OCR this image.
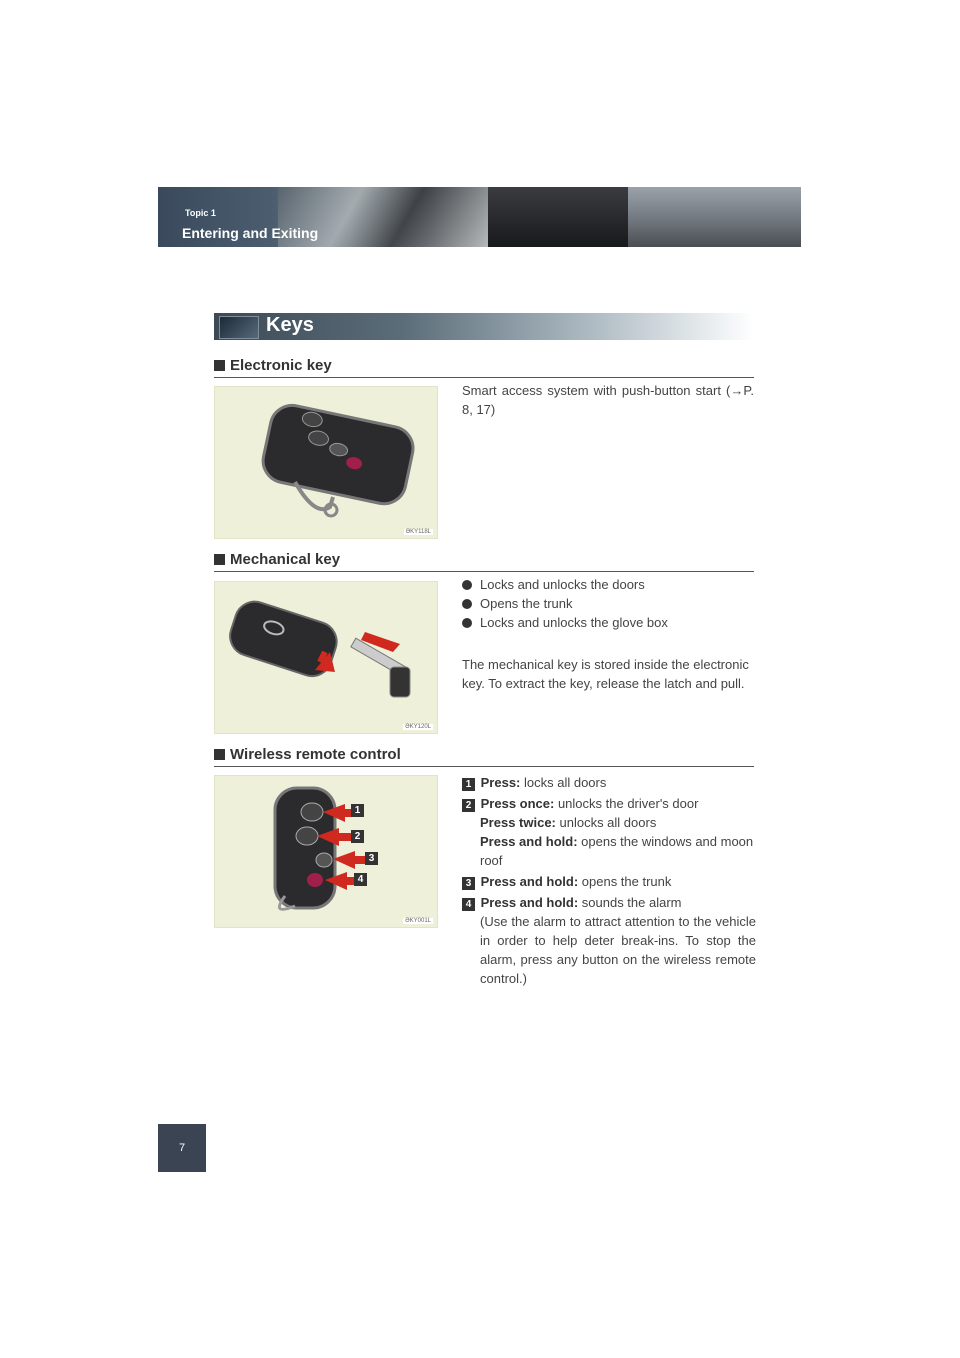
Topic 1
Entering and Exiting
Keys
Electronic key
ӘKY118L
Smart access system with push-button start (→P. 8, 17)
Mechanical key
ӘKY120L
Locks and unlocks the doors
Opens the trunk
Locks and unlocks the glove box
The mechanical key is stored inside the electronic key. To extract the key, release the latch and pull.
Wireless remote control
1
2
3
4
ӘKY001L
1 Press: locks all doors
2 Press once: unlocks the driver's door
Press twice: unlocks all doors
Press and hold: opens the windows and moon roof
3 Press and hold: opens the trunk
4 Press and hold: sounds the alarm
(Use the alarm to attract attention to the vehicle in order to help deter break-ins. To stop the alarm, press any button on the wireless remote control.)
7
